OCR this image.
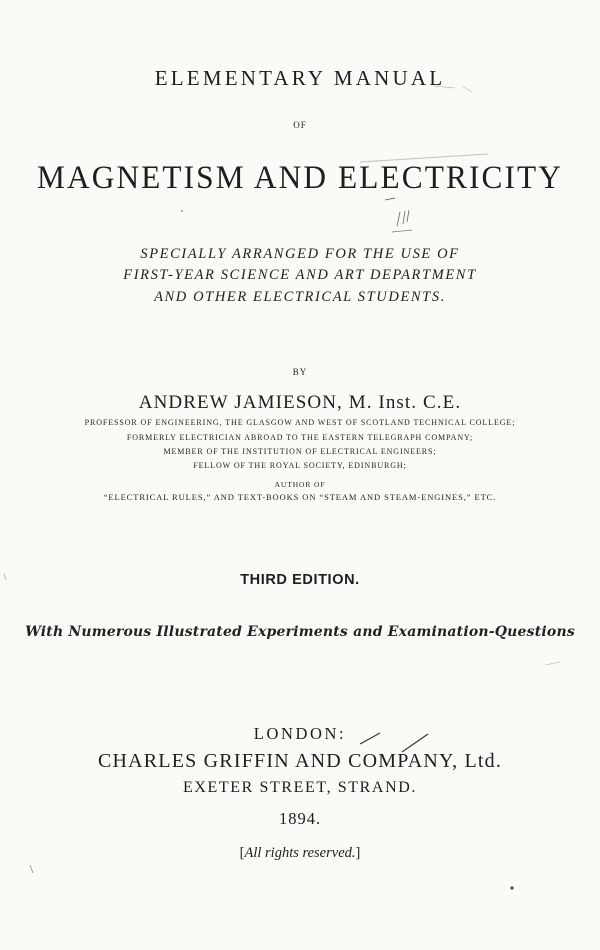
ELEMENTARY MANUAL
OF
MAGNETISM AND ELECTRICITY
SPECIALLY ARRANGED FOR THE USE OF
FIRST-YEAR SCIENCE AND ART DEPARTMENT
AND OTHER ELECTRICAL STUDENTS.
BY
ANDREW JAMIESON, M. Inst. C.E.
PROFESSOR OF ENGINEERING, THE GLASGOW AND WEST OF SCOTLAND TECHNICAL COLLEGE;
FORMERLY ELECTRICIAN ABROAD TO THE EASTERN TELEGRAPH COMPANY;
MEMBER OF THE INSTITUTION OF ELECTRICAL ENGINEERS;
FELLOW OF THE ROYAL SOCIETY, EDINBURGH;
AUTHOR OF
“ELECTRICAL RULES,” AND TEXT-BOOKS ON “STEAM AND STEAM-ENGINES,” ETC.
THIRD EDITION.
With Numerous Illustrated Experiments and Examination-Questions
LONDON:
CHARLES GRIFFIN AND COMPANY, Ltd.
EXETER STREET, STRAND.
1894.
[All rights reserved.]
